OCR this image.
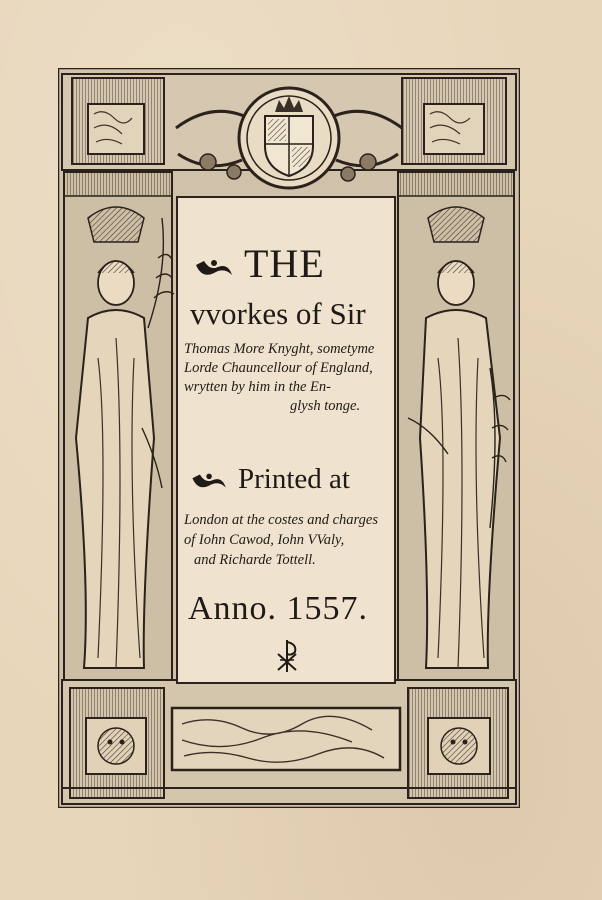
THE
vvorkes of Sir
Thomas More Knyght, sometyme
Lorde Chauncellour of England,
wrytten by him in the En-
glysh tonge.
Printed at
London at the costes and charges
of Iohn Cawod, Iohn VValy,
and Richarde Tottell.
Anno. 1557.
